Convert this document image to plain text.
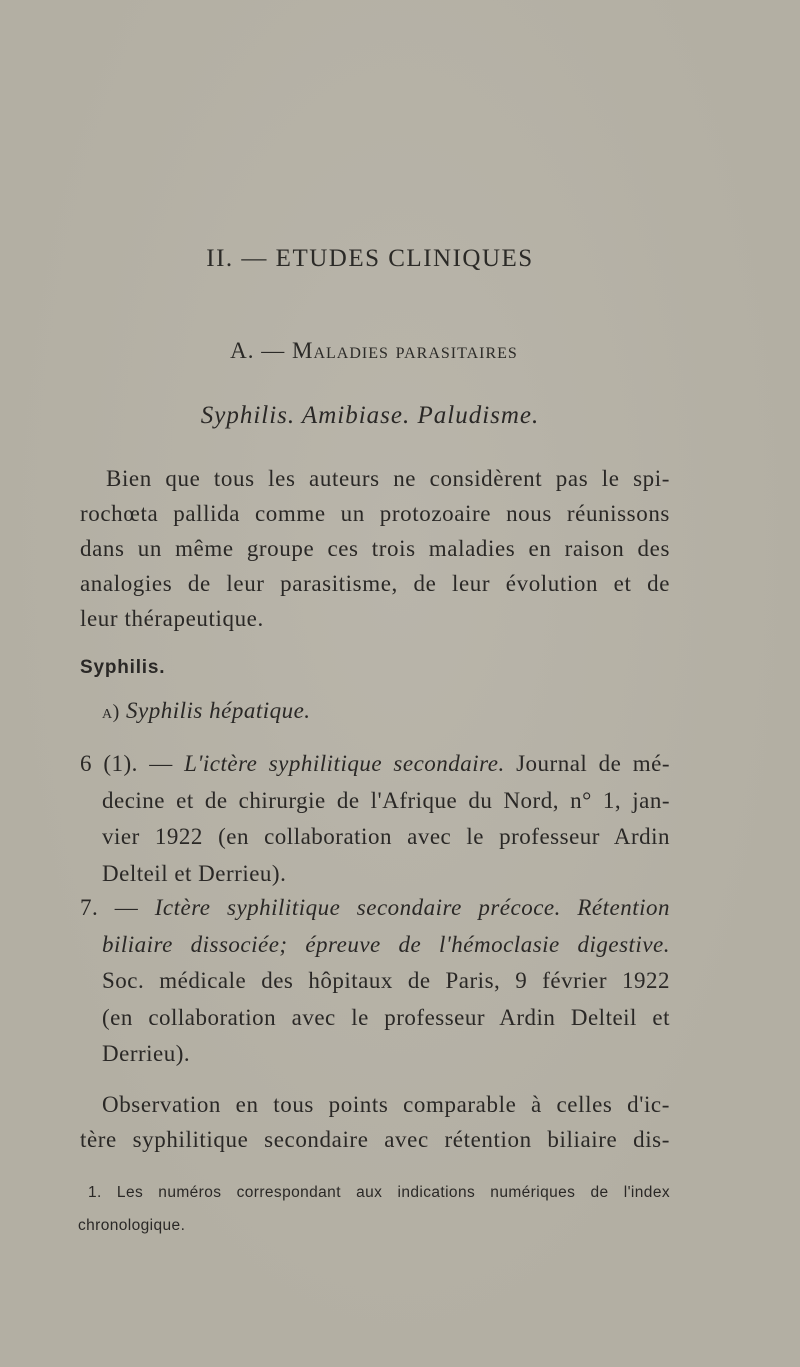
II. — ETUDES CLINIQUES
A. — Maladies parasitaires
Syphilis. Amibiase. Paludisme.
Bien que tous les auteurs ne considèrent pas le spi-
rochœta pallida comme un protozoaire nous réunissons
dans un même groupe ces trois maladies en raison des
analogies de leur parasitisme, de leur évolution et de
leur thérapeutique.
Syphilis.
a) Syphilis hépatique.
6 (1). — L'ictère syphilitique secondaire. Journal de mé-
decine et de chirurgie de l'Afrique du Nord, n° 1, jan-
vier 1922 (en collaboration avec le professeur Ardin
Delteil et Derrieu).
7. — Ictère syphilitique secondaire précoce. Rétention
biliaire dissociée; épreuve de l'hémoclasie digestive.
Soc. médicale des hôpitaux de Paris, 9 février 1922
(en collaboration avec le professeur Ardin Delteil et
Derrieu).
Observation en tous points comparable à celles d'ic-
tère syphilitique secondaire avec rétention biliaire dis-
1. Les numéros correspondant aux indications numériques de l'index
chronologique.
